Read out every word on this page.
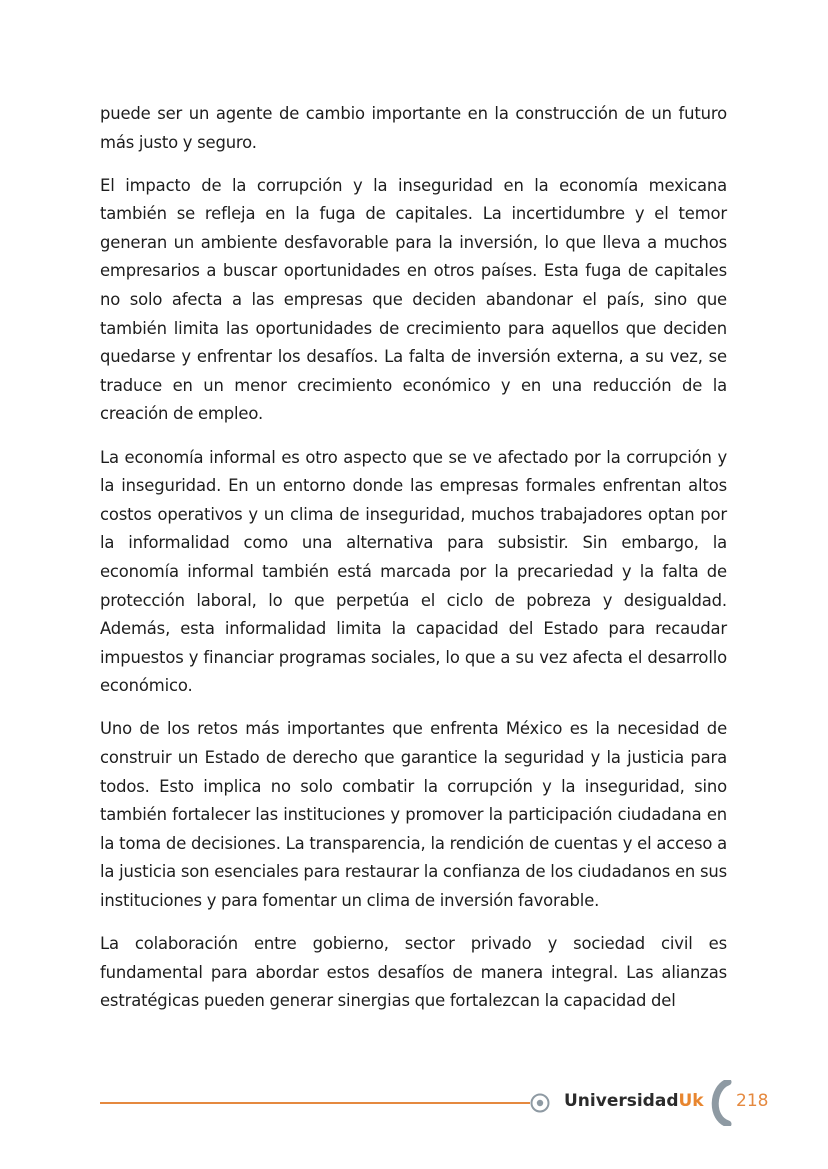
puede ser un agente de cambio importante en la construcción de un futuro más justo y seguro.

El impacto de la corrupción y la inseguridad en la economía mexicana también se refleja en la fuga de capitales. La incertidumbre y el temor generan un ambiente desfavorable para la inversión, lo que lleva a muchos empresarios a buscar oportunidades en otros países. Esta fuga de capitales no solo afecta a las empresas que deciden abandonar el país, sino que también limita las oportunidades de crecimiento para aquellos que deciden quedarse y enfrentar los desafíos. La falta de inversión externa, a su vez, se traduce en un menor crecimiento económico y en una reducción de la creación de empleo.

La economía informal es otro aspecto que se ve afectado por la corrupción y la inseguridad. En un entorno donde las empresas formales enfrentan altos costos operativos y un clima de inseguridad, muchos trabajadores optan por la informalidad como una alternativa para subsistir. Sin embargo, la economía informal también está marcada por la precariedad y la falta de protección laboral, lo que perpetúa el ciclo de pobreza y desigualdad. Además, esta informalidad limita la capacidad del Estado para recaudar impuestos y financiar programas sociales, lo que a su vez afecta el desarrollo económico.

Uno de los retos más importantes que enfrenta México es la necesidad de construir un Estado de derecho que garantice la seguridad y la justicia para todos. Esto implica no solo combatir la corrupción y la inseguridad, sino también fortalecer las instituciones y promover la participación ciudadana en la toma de decisiones. La transparencia, la rendición de cuentas y el acceso a la justicia son esenciales para restaurar la confianza de los ciudadanos en sus instituciones y para fomentar un clima de inversión favorable.

La colaboración entre gobierno, sector privado y sociedad civil es fundamental para abordar estos desafíos de manera integral. Las alianzas estratégicas pueden generar sinergias que fortalezcan la capacidad del

UniversidadUk 218
